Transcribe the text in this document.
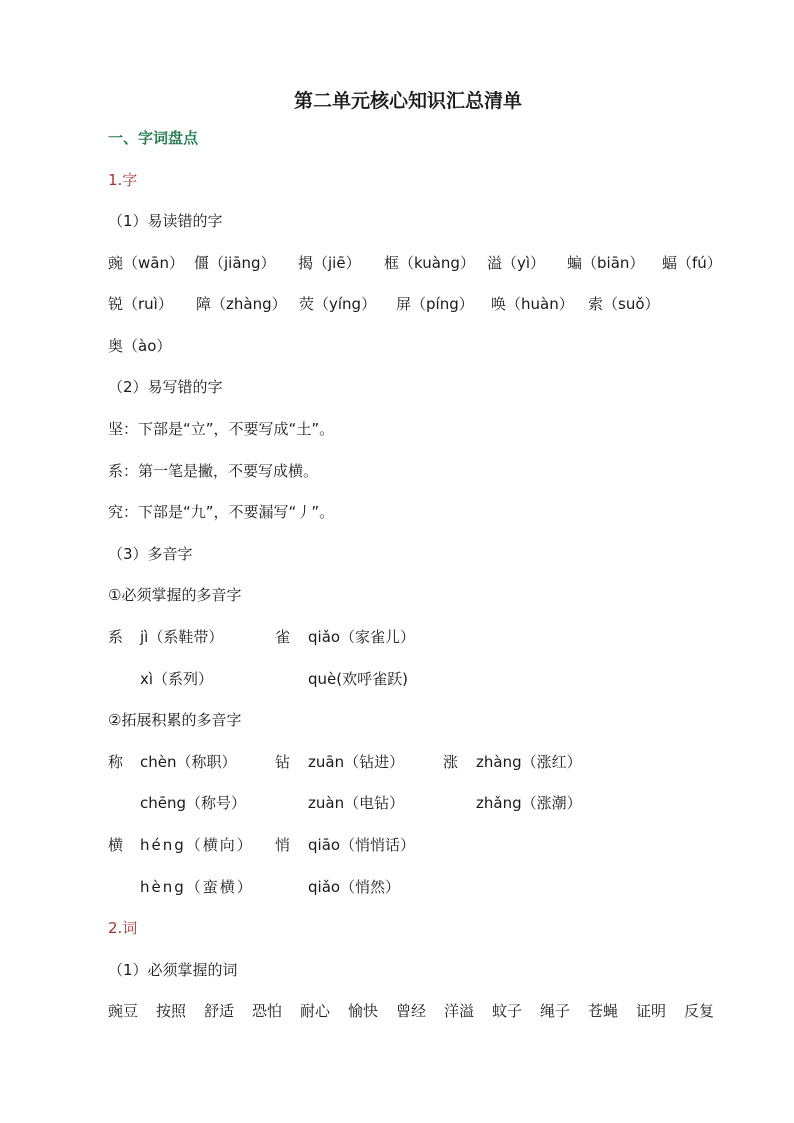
第二单元核心知识汇总清单
一、字词盘点
1.字
（1）易读错的字
豌（wān） 僵（jiāng） 揭（jiē） 框（kuàng） 溢（yì） 蝙（biān） 蝠（fú）
锐（ruì） 障（zhàng） 荧（yíng） 屏（píng） 唤（huàn） 索（suǒ）
奥（ào）
（2）易写错的字
坚：下部是“立”，不要写成“土”。
系：第一笔是撇，不要写成横。
究：下部是“九”，不要漏写“丿”。
（3）多音字
①必须掌握的多音字
系 jì（系鞋带）
xì（系列）
雀 qiǎo（家雀儿）
què(欢呼雀跃)
②拓展积累的多音字
称 chèn（称职）
chēng（称号）
钻 zuān（钻进）
zuàn（电钻）
涨 zhàng（涨红）
zhǎng（涨潮）
横 héng（横向）
hèng（蛮横）
悄 qiāo（悄悄话）
qiǎo（悄然）
2.词
（1）必须掌握的词
豌豆 按照 舒适 恐怕 耐心 愉快 曾经 洋溢 蚊子 绳子 苍蝇 证明 反复
